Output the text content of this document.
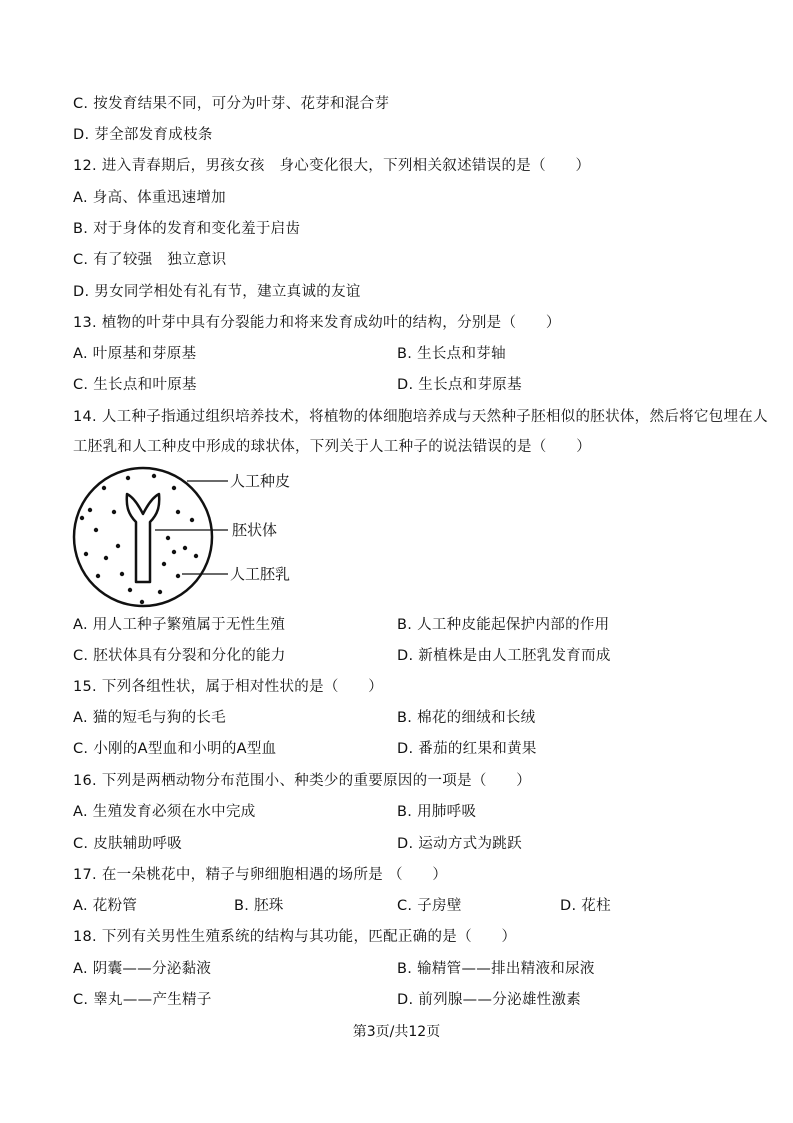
C. 按发育结果不同，可分为叶芽、花芽和混合芽
D. 芽全部发育成枝条
12. 进入青春期后，男孩女孩　身心变化很大，下列相关叙述错误的是（　　）
A. 身高、体重迅速增加
B. 对于身体的发育和变化羞于启齿
C. 有了较强　独立意识
D. 男女同学相处有礼有节，建立真诚的友谊
13. 植物的叶芽中具有分裂能力和将来发育成幼叶的结构，分别是（　　）
A. 叶原基和芽原基	B. 生长点和芽轴
C. 生长点和叶原基	D. 生长点和芽原基
14. 人工种子指通过组织培养技术，将植物的体细胞培养成与天然种子胚相似的胚状体，然后将它包埋在人
工胚乳和人工种皮中形成的球状体，下列关于人工种子的说法错误的是（　　）
人工种皮
胚状体
人工胚乳
A. 用人工种子繁殖属于无性生殖	B. 人工种皮能起保护内部的作用
C. 胚状体具有分裂和分化的能力	D. 新植株是由人工胚乳发育而成
15. 下列各组性状，属于相对性状的是（　　）
A. 猫的短毛与狗的长毛	B. 棉花的细绒和长绒
C. 小刚的A型血和小明的A型血	D. 番茄的红果和黄果
16. 下列是两栖动物分布范围小、种类少的重要原因的一项是（　　）
A. 生殖发育必须在水中完成	B. 用肺呼吸
C. 皮肤辅助呼吸	D. 运动方式为跳跃
17. 在一朵桃花中，精子与卵细胞相遇的场所是 （　　）
A. 花粉管	B. 胚珠	C. 子房壁	D. 花柱
18. 下列有关男性生殖系统的结构与其功能，匹配正确的是（　　）
A. 阴囊——分泌黏液	B. 输精管——排出精液和尿液
C. 睾丸——产生精子	D. 前列腺——分泌雄性激素
第3页/共12页
